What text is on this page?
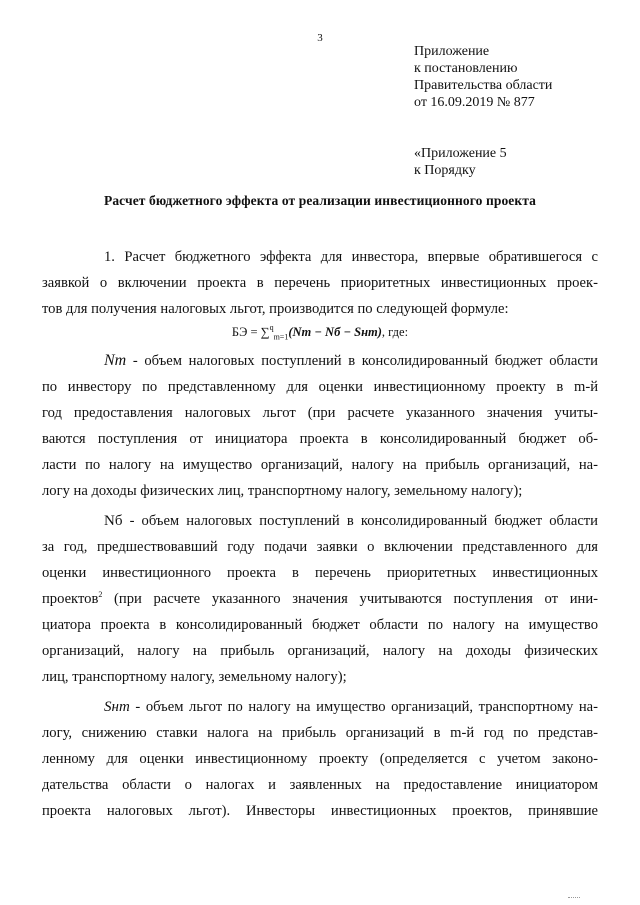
3
Приложение
к постановлению
Правительства области
от 16.09.2019 № 877
«Приложение 5
к Порядку
Расчет бюджетного эффекта от реализации инвестиционного проекта
1. Расчет бюджетного эффекта для инвестора, впервые обратившегося с
заявкой о включении проекта в перечень приоритетных инвестиционных проек-
тов для получения налоговых льгот, производится по следующей формуле:
БЭ = ∑$^q_{m=1}$(Nm − Nб − Sнm), где:
Nm - объем налоговых поступлений в консолидированный бюджет области
по инвестору по представленному для оценки инвестиционному проекту в m-й
год предоставления налоговых льгот (при расчете указанного значения учиты-
ваются поступления от инициатора проекта в консолидированный бюджет об-
ласти по налогу на имущество организаций, налогу на прибыль организаций, на-
логу на доходы физических лиц, транспортному налогу, земельному налогу);
Nб - объем налоговых поступлений в консолидированный бюджет области
за год, предшествовавший году подачи заявки о включении представленного для
оценки инвестиционного проекта в перечень приоритетных инвестиционных
проектов$^2$ (при расчете указанного значения учитываются поступления от ини-
циатора проекта в консолидированный бюджет области по налогу на имущество
организаций, налогу на прибыль организаций, налогу на доходы физических
лиц, транспортному налогу, земельному налогу);
Sнm - объем льгот по налогу на имущество организаций, транспортному на-
логу, снижению ставки налога на прибыль организаций в m-й год по представ-
ленному для оценки инвестиционному проекту (определяется с учетом законо-
дательства области о налогах и заявленных на предоставление инициатором
проекта налоговых льгот). Инвесторы инвестиционных проектов, принявшие
